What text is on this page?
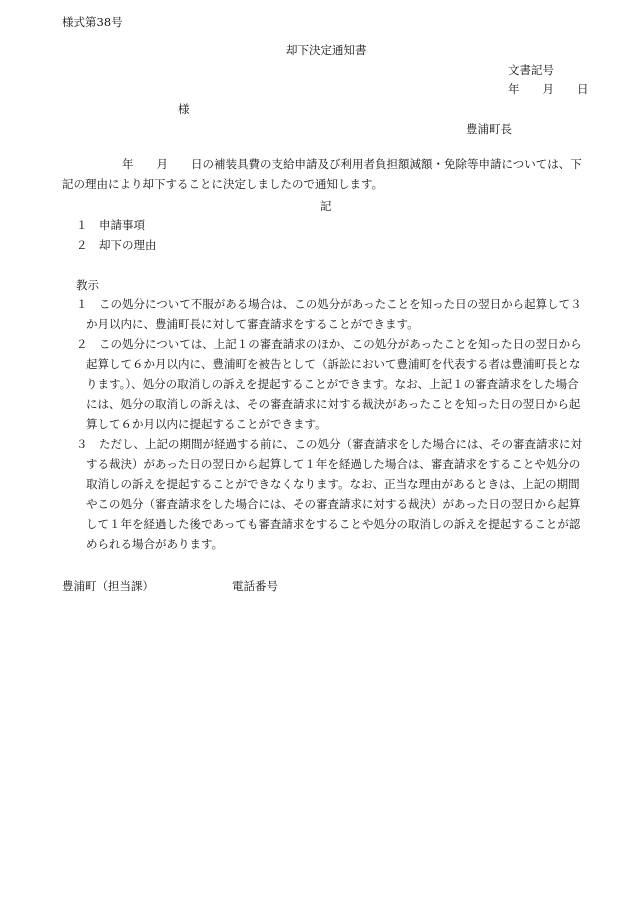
様式第38号
却下決定通知書
文書記号
年　　月　　日
様
豊浦町長
年　　月　　日の補装具費の支給申請及び利用者負担額減額・免除等申請については、下
記の理由により却下することに決定しましたので通知します。
記
１　申請事項
２　却下の理由
教示
１　この処分について不服がある場合は、この処分があったことを知った日の翌日から起算して３
か月以内に、豊浦町長に対して審査請求をすることができます。
２　この処分については、上記１の審査請求のほか、この処分があったことを知った日の翌日から
起算して６か月以内に、豊浦町を被告として（訴訟において豊浦町を代表する者は豊浦町長とな
ります。）、処分の取消しの訴えを提起することができます。なお、上記１の審査請求をした場合
には、処分の取消しの訴えは、その審査請求に対する裁決があったことを知った日の翌日から起
算して６か月以内に提起することができます。
３　ただし、上記の期間が経過する前に、この処分（審査請求をした場合には、その審査請求に対
する裁決）があった日の翌日から起算して１年を経過した場合は、審査請求をすることや処分の
取消しの訴えを提起することができなくなります。なお、正当な理由があるときは、上記の期間
やこの処分（審査請求をした場合には、その審査請求に対する裁決）があった日の翌日から起算
して１年を経過した後であっても審査請求をすることや処分の取消しの訴えを提起することが認
められる場合があります。
豊浦町（担当課）	電話番号
